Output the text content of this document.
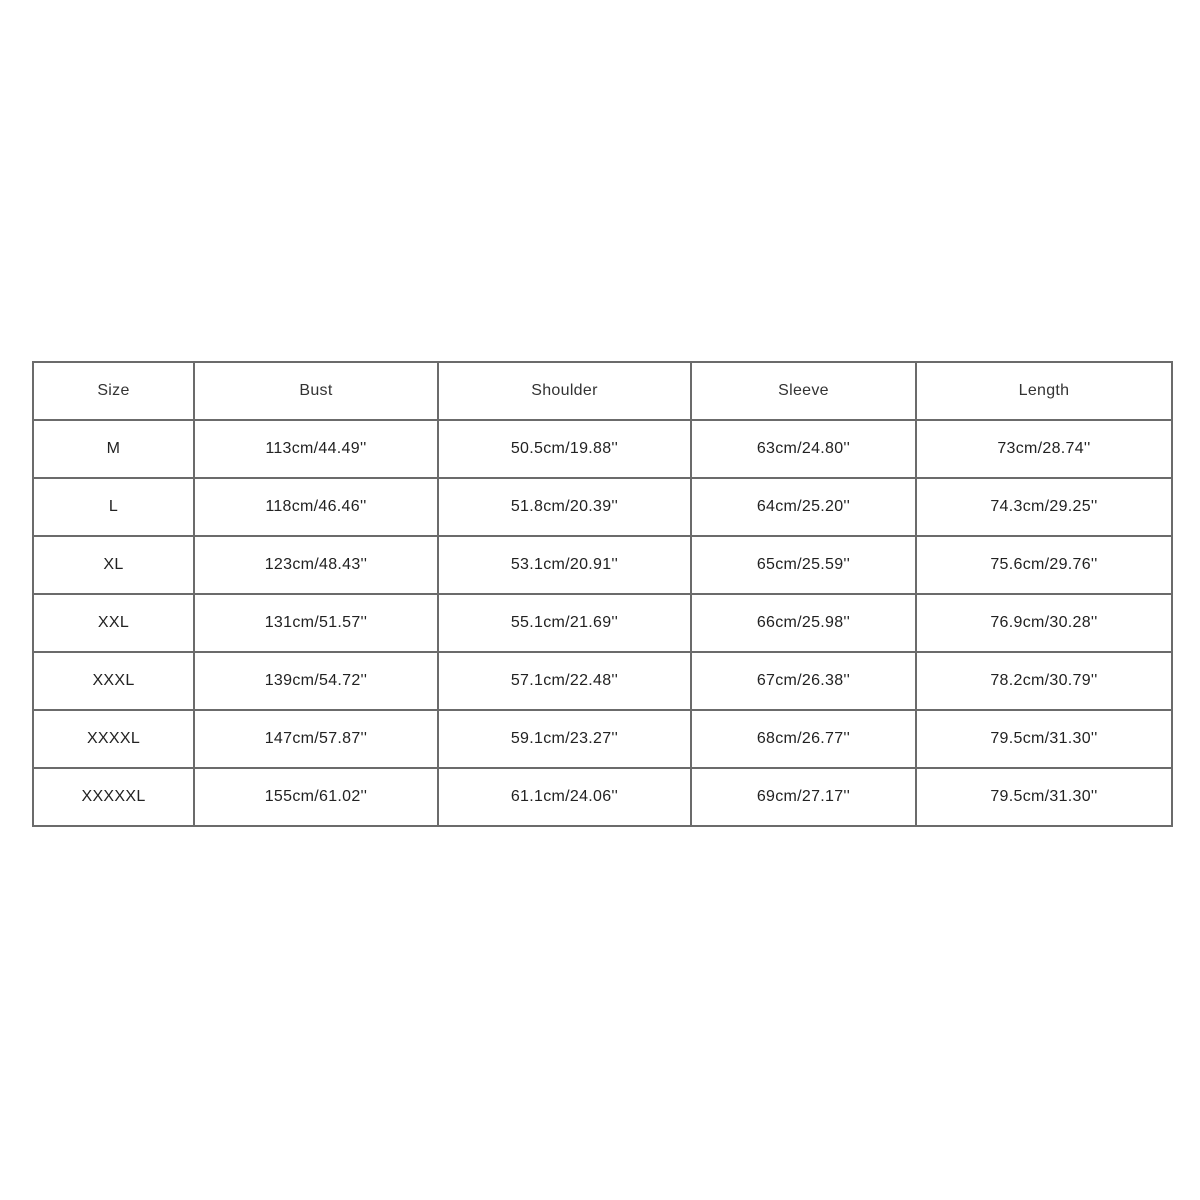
Size	Bust	Shoulder	Sleeve	Length
M	113cm/44.49''	50.5cm/19.88''	63cm/24.80''	73cm/28.74''
L	118cm/46.46''	51.8cm/20.39''	64cm/25.20''	74.3cm/29.25''
XL	123cm/48.43''	53.1cm/20.91''	65cm/25.59''	75.6cm/29.76''
XXL	131cm/51.57''	55.1cm/21.69''	66cm/25.98''	76.9cm/30.28''
XXXL	139cm/54.72''	57.1cm/22.48''	67cm/26.38''	78.2cm/30.79''
XXXXL	147cm/57.87''	59.1cm/23.27''	68cm/26.77''	79.5cm/31.30''
XXXXXL	155cm/61.02''	61.1cm/24.06''	69cm/27.17''	79.5cm/31.30''
